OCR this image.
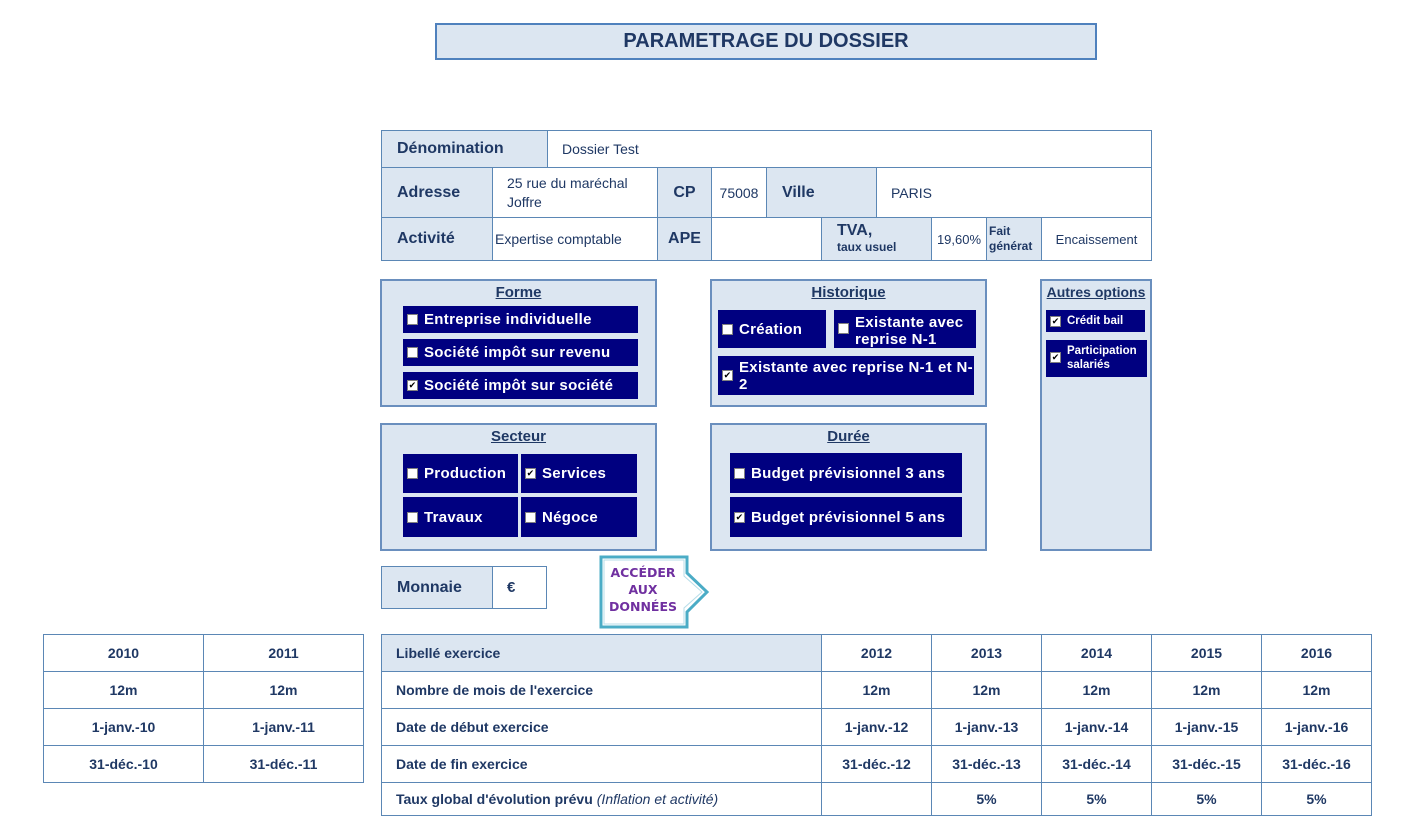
PARAMETRAGE DU DOSSIER
Dénomination	Dossier Test
Adresse
25 rue du maréchal
Joffre
CP	75008	Ville	PARIS
Activité	Expertise comptable	APE	TVA,
taux usuel
19,60%
Fait
générat	Encaissement
Forme
Entreprise individuelle
Société impôt sur revenu
✔
Société impôt sur société
Historique
Création	Existante avec reprise N-1
✔
Existante avec reprise N-1 et N-2
Autres options
✔
Crédit bail
✔
Participation salariés
Secteur
Production
✔ Services
Travaux	Négoce
Durée
Budget prévisionnel 3 ans
✔
Budget prévisionnel 5 ans
Monnaie	€
ACCÉDER
AUX
DONNÉES
2010	2011
12m	12m
1-janv.-10	1-janv.-11
31-déc.-10	31-déc.-11
Libellé exercice
Nombre de mois de l'exercice
Date de début exercice
Date de fin exercice
Taux global d'évolution prévu (Inflation et activité)
2012
12m
1-janv.-12
31-déc.-12
2013
12m
1-janv.-13
31-déc.-13
5%
2014
12m
1-janv.-14
31-déc.-14
5%
2015
12m
1-janv.-15
31-déc.-15
5%
2016
12m
1-janv.-16
31-déc.-16
5%
